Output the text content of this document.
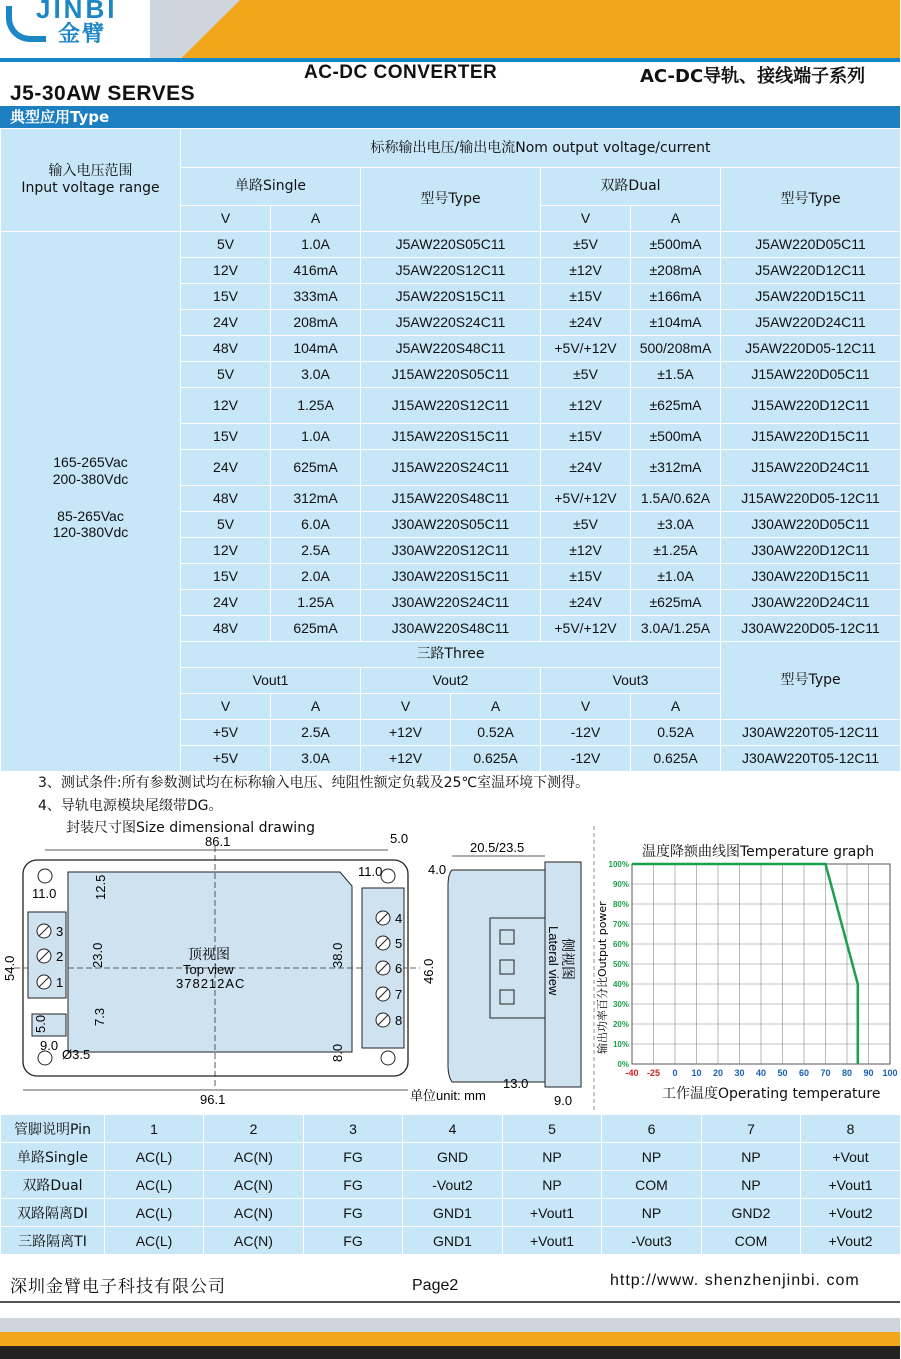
JINBI
金臂
AC-DC CONVERTER	AC-DC导轨、接线端子系列
J5-30AW SERVES
典型应用Type
输入电压范围
Input voltage range	标称输出电压/输出电流Nom output voltage/current						
	单路Single		型号Type		双路Dual		型号Type
	V	A			V	A	

165-265Vac
200-380Vdc
85-265Vac
120-380Vdc	5V	1.0A	J5AW220S05C11		±5V	±500mA	J5AW220D05C11
	12V	416mA	J5AW220S12C11		±12V	±208mA	J5AW220D12C11
	15V	333mA	J5AW220S15C11		±15V	±166mA	J5AW220D15C11
	24V	208mA	J5AW220S24C11		±24V	±104mA	J5AW220D24C11
	48V	104mA	J5AW220S48C11		+5V/+12V	500/208mA	J5AW220D05-12C11
	5V	3.0A	J15AW220S05C11		±5V	±1.5A	J15AW220D05C11
	12V	1.25A	J15AW220S12C11		±12V	±625mA	J15AW220D12C11
	15V	1.0A	J15AW220S15C11		±15V	±500mA	J15AW220D15C11
	24V	625mA	J15AW220S24C11		±24V	±312mA	J15AW220D24C11
	48V	312mA	J15AW220S48C11		+5V/+12V	1.5A/0.62A	J15AW220D05-12C11
	5V	6.0A	J30AW220S05C11		±5V	±3.0A	J30AW220D05C11
	12V	2.5A	J30AW220S12C11		±12V	±1.25A	J30AW220D12C11
	15V	2.0A	J30AW220S15C11		±15V	±1.0A	J30AW220D15C11
	24V	1.25A	J30AW220S24C11		±24V	±625mA	J30AW220D24C11
	48V	625mA	J30AW220S48C11		+5V/+12V	3.0A/1.25A	J30AW220D05-12C11
	三路Three						型号Type
	Vout1		Vout2		Vout3		
	V	A	V	A	V	A	
	+5V	2.5A	+12V	0.52A	-12V	0.52A	J30AW220T05-12C11
	+5V	3.0A	+12V	0.625A	-12V	0.625A	J30AW220T05-12C11
3、测试条件:所有参数测试均在标称输入电压、纯阻性额定负载及25℃室温环境下测得。
4、导轨电源模块尾缀带DG。
封装尺寸图Size dimensional drawing
3
2
1
4
5
6
7
8
顶视图
Top view
378212AC
86.1	5.0
11.0
11.0	4.0
12.5
23.0
7.3
38.0
8.0
54.0	46.0
5.0
9.0
Ø3.5
96.1	单位unit: mm
侧视图
Lateral view
20.5/23.5
13.0
9.0
温度降额曲线图Temperature graph
0%
10%
20%
30%
40%
50%
60%
70%
80%
90%
100%
-40 -25 0 10 20 30 40 50 60 70 80 90 100
输出功率百分比Output power
工作温度Operating temperature
管脚说明Pin	1	2	3	4	5	6	7	8
单路Single	AC(L)	AC(N)	FG	GND	NP	NP	NP	+Vout
双路Dual	AC(L)	AC(N)	FG	-Vout2	NP	COM	NP	+Vout1
双路隔离DI	AC(L)	AC(N)	FG	GND1	+Vout1	NP	GND2	+Vout2
三路隔离TI	AC(L)	AC(N)	FG	GND1	+Vout1	-Vout3	COM	+Vout2
深圳金臂电子科技有限公司	Page2	http://www. shenzhenjinbi. com
